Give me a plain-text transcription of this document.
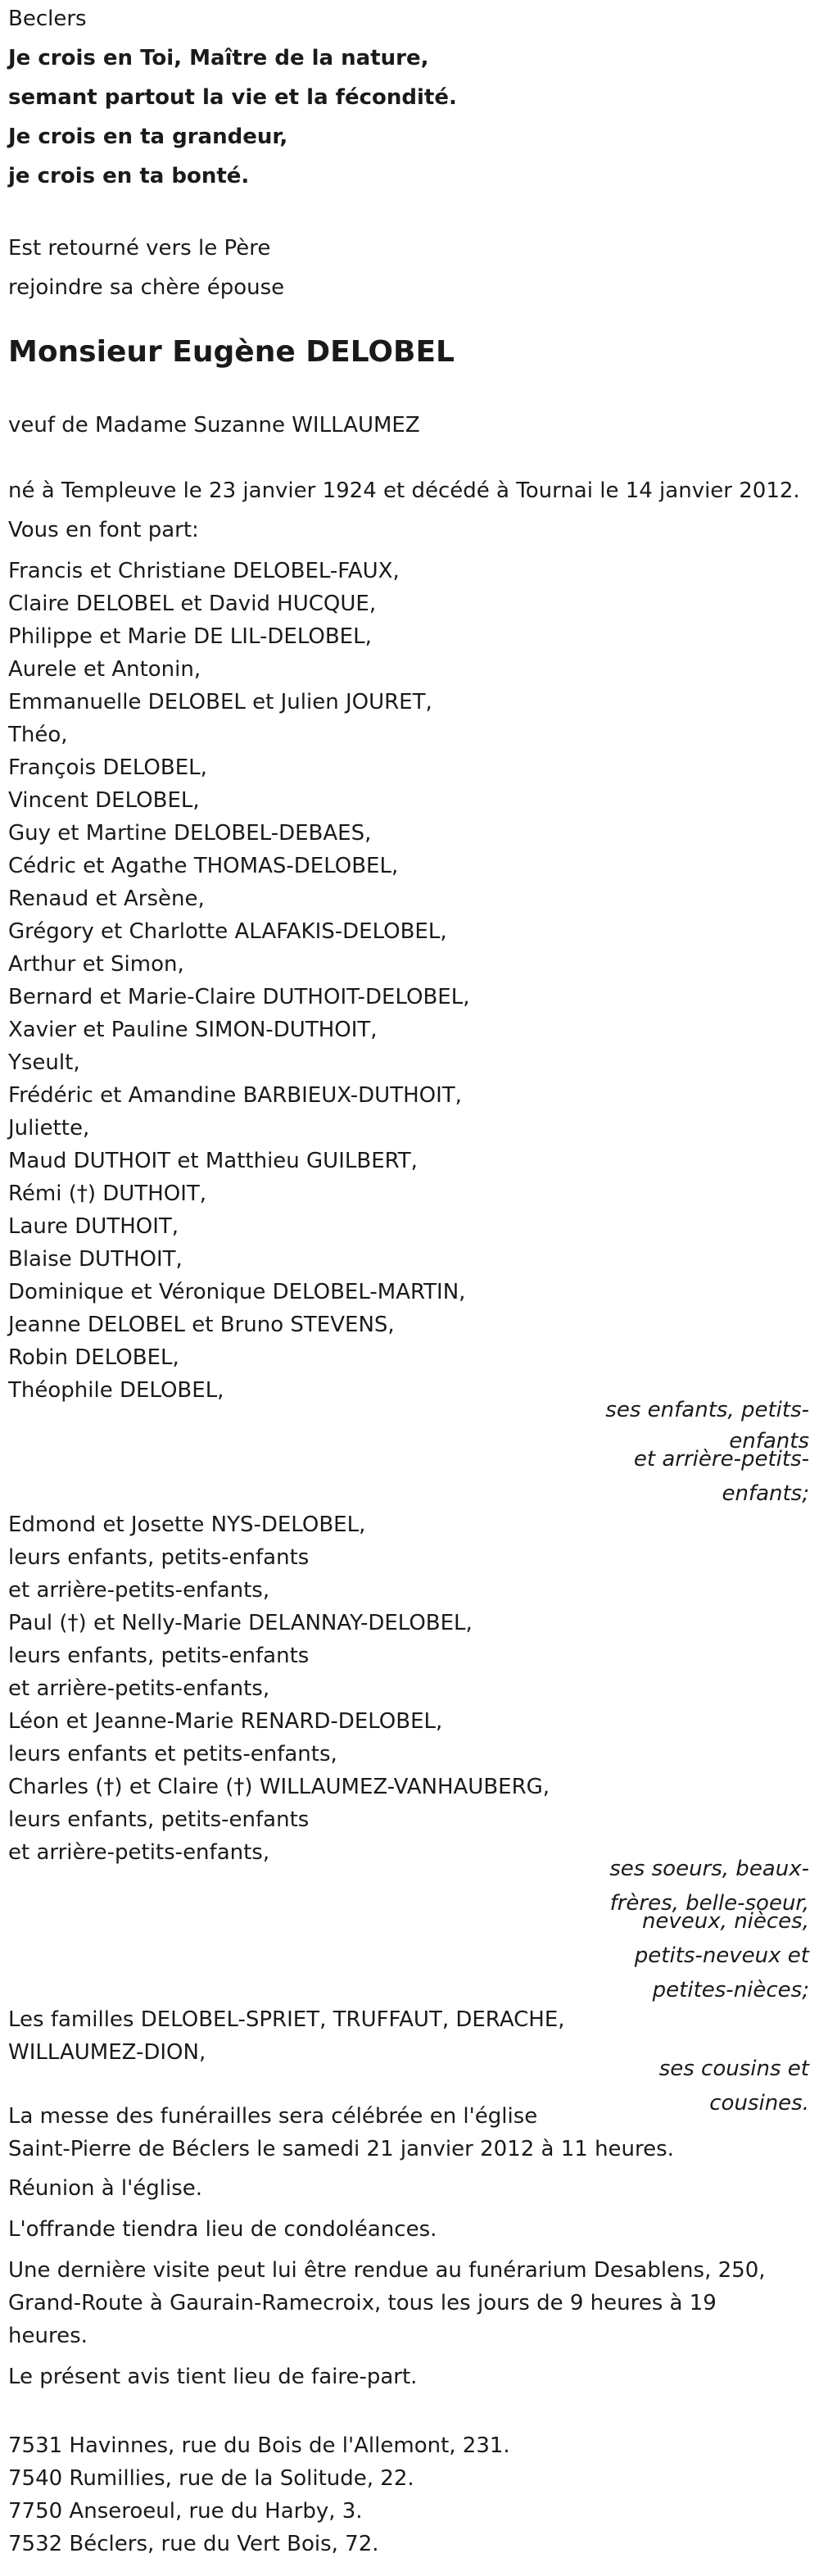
Beclers
Je crois en Toi, Maître de la nature,
semant partout la vie et la fécondité.
Je crois en ta grandeur,
je crois en ta bonté.
Est retourné vers le Père
rejoindre sa chère épouse
Monsieur Eugène DELOBEL
veuf de Madame Suzanne WILLAUMEZ
né à Templeuve le 23 janvier 1924 et décédé à Tournai le 14 janvier 2012.
Vous en font part:
Francis et Christiane DELOBEL-FAUX,
Claire DELOBEL et David HUCQUE,
Philippe et Marie DE LIL-DELOBEL,
Aurele et Antonin,
Emmanuelle DELOBEL et Julien JOURET,
Théo,
François DELOBEL,
Vincent DELOBEL,
Guy et Martine DELOBEL-DEBAES,
Cédric et Agathe THOMAS-DELOBEL,
Renaud et Arsène,
Grégory et Charlotte ALAFAKIS-DELOBEL,
Arthur et Simon,
Bernard et Marie-Claire DUTHOIT-DELOBEL,
Xavier et Pauline SIMON-DUTHOIT,
Yseult,
Frédéric et Amandine BARBIEUX-DUTHOIT,
Juliette,
Maud DUTHOIT et Matthieu GUILBERT,
Rémi (†) DUTHOIT,
Laure DUTHOIT,
Blaise DUTHOIT,
Dominique et Véronique DELOBEL-MARTIN,
Jeanne DELOBEL et Bruno STEVENS,
Robin DELOBEL,
Théophile DELOBEL,
ses enfants, petits-
enfants
et arrière-petits-
enfants;
Edmond et Josette NYS-DELOBEL,
leurs enfants, petits-enfants
et arrière-petits-enfants,
Paul (†) et Nelly-Marie DELANNAY-DELOBEL,
leurs enfants, petits-enfants
et arrière-petits-enfants,
Léon et Jeanne-Marie RENARD-DELOBEL,
leurs enfants et petits-enfants,
Charles (†) et Claire (†) WILLAUMEZ-VANHAUBERG,
leurs enfants, petits-enfants
et arrière-petits-enfants,
ses soeurs, beaux-
frères, belle-soeur,
neveux, nièces,
petits-neveux et
petites-nièces;
Les familles DELOBEL-SPRIET, TRUFFAUT, DERACHE,
WILLAUMEZ-DION,
ses cousins et
cousines.
La messe des funérailles sera célébrée en l'église
Saint-Pierre de Béclers le samedi 21 janvier 2012 à 11 heures.
Réunion à l'église.
L'offrande tiendra lieu de condoléances.
Une dernière visite peut lui être rendue au funérarium Desablens, 250,
Grand-Route à Gaurain-Ramecroix, tous les jours de 9 heures à 19
heures.
Le présent avis tient lieu de faire-part.
7531 Havinnes, rue du Bois de l'Allemont, 231.
7540 Rumillies, rue de la Solitude, 22.
7750 Anseroeul, rue du Harby, 3.
7532 Béclers, rue du Vert Bois, 72.
